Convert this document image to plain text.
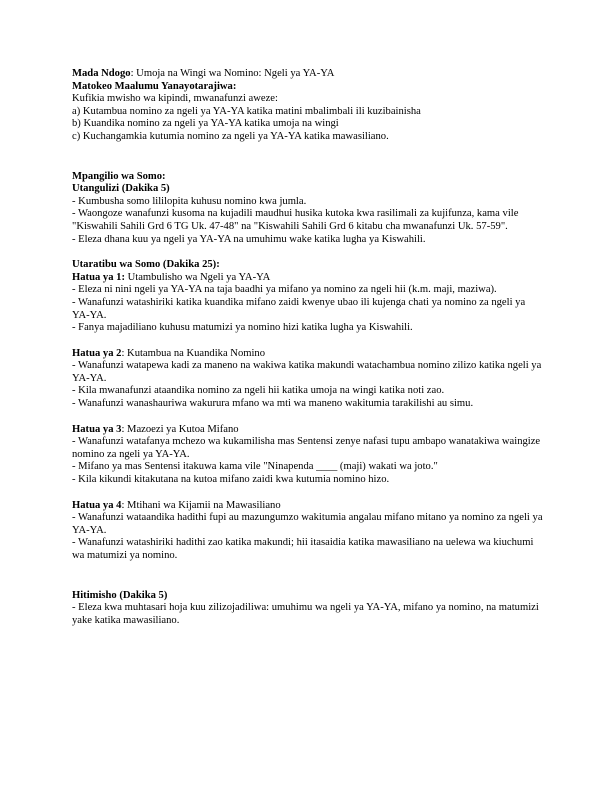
Mada Ndogo: Umoja na Wingi wa Nomino: Ngeli ya YA-YA

Matokeo Maalumu Yanayotarajiwa:

Kufikia mwisho wa kipindi, mwanafunzi aweze:

a) Kutambua nomino za ngeli ya YA-YA katika matini mbalimbali ili kuzibainisha

b) Kuandika nomino za ngeli ya YA-YA katika umoja na wingi

c) Kuchangamkia kutumia nomino za ngeli ya YA-YA katika mawasiliano.

Mpangilio wa Somo:

Utangulizi (Dakika 5)

- Kumbusha somo lililopita kuhusu nomino kwa jumla.

- Waongoze wanafunzi kusoma na kujadili maudhui husika kutoka kwa rasilimali za kujifunza, kama vile "Kiswahili Sahili Grd 6 TG Uk. 47-48" na "Kiswahili Sahili Grd 6 kitabu cha mwanafunzi Uk. 57-59".

- Eleza dhana kuu ya ngeli ya YA-YA na umuhimu wake katika lugha ya Kiswahili.

Utaratibu wa Somo (Dakika 25):

Hatua ya 1: Utambulisho wa Ngeli ya YA-YA

- Eleza ni nini ngeli ya YA-YA na taja baadhi ya mifano ya nomino za ngeli hii (k.m. maji, maziwa).

- Wanafunzi watashiriki katika kuandika mifano zaidi kwenye ubao ili kujenga chati ya nomino za ngeli ya YA-YA.

- Fanya majadiliano kuhusu matumizi ya nomino hizi katika lugha ya Kiswahili.

Hatua ya 2: Kutambua na Kuandika Nomino

- Wanafunzi watapewa kadi za maneno na wakiwa katika makundi watachambua nomino zilizo katika ngeli ya YA-YA.

- Kila mwanafunzi ataandika nomino za ngeli hii katika umoja na wingi katika noti zao.

- Wanafunzi wanashauriwa wakurura mfano wa mti wa maneno wakitumia tarakilishi au simu.

Hatua ya 3: Mazoezi ya Kutoa Mifano

- Wanafunzi watafanya mchezo wa kukamilisha mas Sentensi zenye nafasi tupu ambapo wanatakiwa waingize nomino za ngeli ya YA-YA.

- Mifano ya mas Sentensi itakuwa kama vile "Ninapenda ____ (maji) wakati wa joto."

- Kila kikundi kitakutana na kutoa mifano zaidi kwa kutumia nomino hizo.

Hatua ya 4: Mtihani wa Kijamii na Mawasiliano

- Wanafunzi wataandika hadithi fupi au mazungumzo wakitumia angalau mifano mitano ya nomino za ngeli ya YA-YA.

- Wanafunzi watashiriki hadithi zao katika makundi; hii itasaidia katika mawasiliano na uelewa wa kiuchumi wa matumizi ya nomino.

Hitimisho (Dakika 5)

- Eleza kwa muhtasari hoja kuu zilizojadiliwa: umuhimu wa ngeli ya YA-YA, mifano ya nomino, na matumizi yake katika mawasiliano.
